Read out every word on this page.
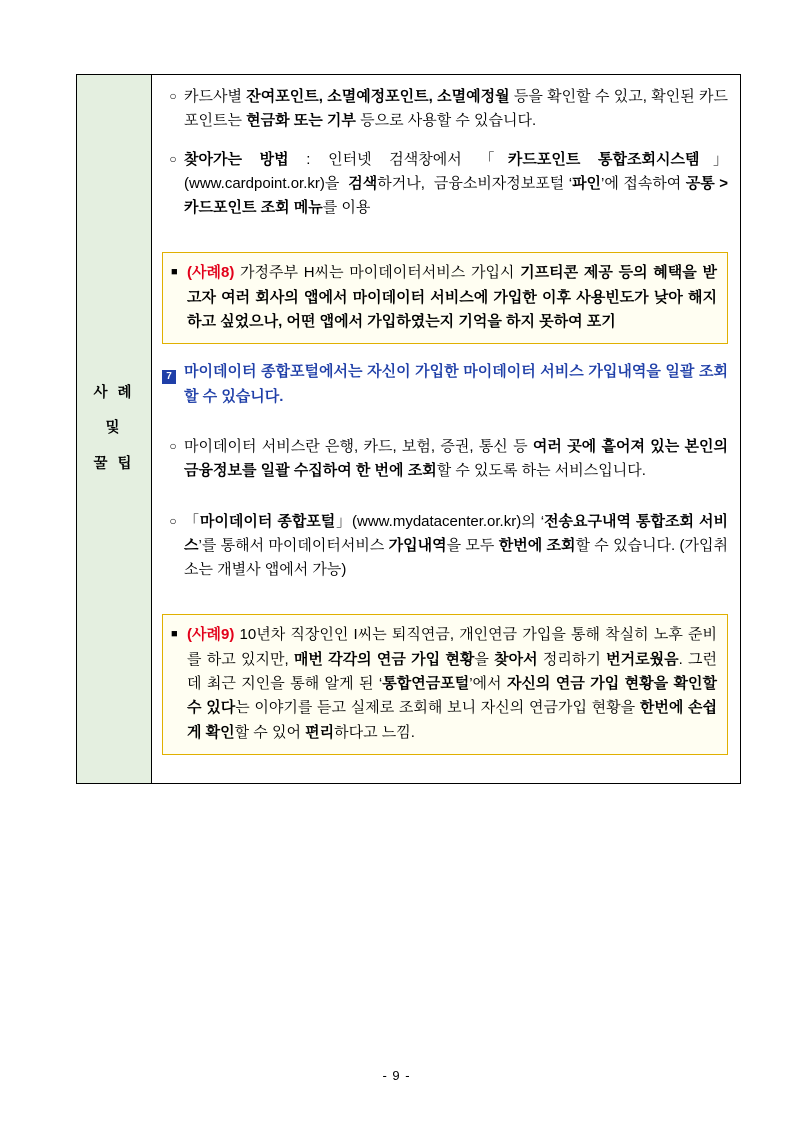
사 례
및
꿀 팁

○ 카드사별 잔여포인트, 소멸예정포인트, 소멸예정월 등을 확인할 수 있고, 확인된 카드 포인트는 현금화 또는 기부 등으로 사용할 수 있습니다.
○ 찾아가는 방법 : 인터넷 검색창에서 「카드포인트 통합조회시스템」(www.cardpoint.or.kr)을  검색하거나,  금융소비자정보포털 ‘파인’에 접속하여 공통 > 카드포인트 조회 메뉴를 이용
■ (사례8) 가정주부 H씨는 마이데이터서비스 가입시 기프티콘 제공 등의 혜택을 받고자 여러 회사의 앱에서 마이데이터 서비스에 가입한 이후 사용빈도가 낮아 해지하고 싶었으나, 어떤 앱에서 가입하였는지 기억을 하지 못하여 포기
7 마이데이터 종합포털에서는 자신이 가입한 마이데이터 서비스 가입내역을 일괄 조회할 수 있습니다.
○ 마이데이터 서비스란 은행, 카드, 보험, 증권, 통신 등 여러 곳에 흩어져 있는 본인의 금융정보를 일괄 수집하여 한 번에 조회할 수 있도록 하는 서비스입니다.
○ 「마이데이터 종합포털」(www.mydatacenter.or.kr)의 ‘전송요구내역 통합조회 서비스’를 통해서 마이데이터서비스 가입내역을 모두 한번에 조회할 수 있습니다. (가입취소는 개별사 앱에서 가능)
■ (사례9) 10년차 직장인인 I씨는 퇴직연금, 개인연금 가입을 통해 착실히 노후 준비를 하고 있지만, 매번 각각의 연금 가입 현황을 찾아서 정리하기 번거로웠음. 그런데 최근 지인을 통해 알게 된 ‘통합연금포털’에서 자신의 연금 가입 현황을 확인할 수 있다는 이야기를 듣고 실제로 조회해 보니 자신의 연금가입 현황을 한번에 손쉽게 확인할 수 있어 편리하다고 느낌.
- 9 -
